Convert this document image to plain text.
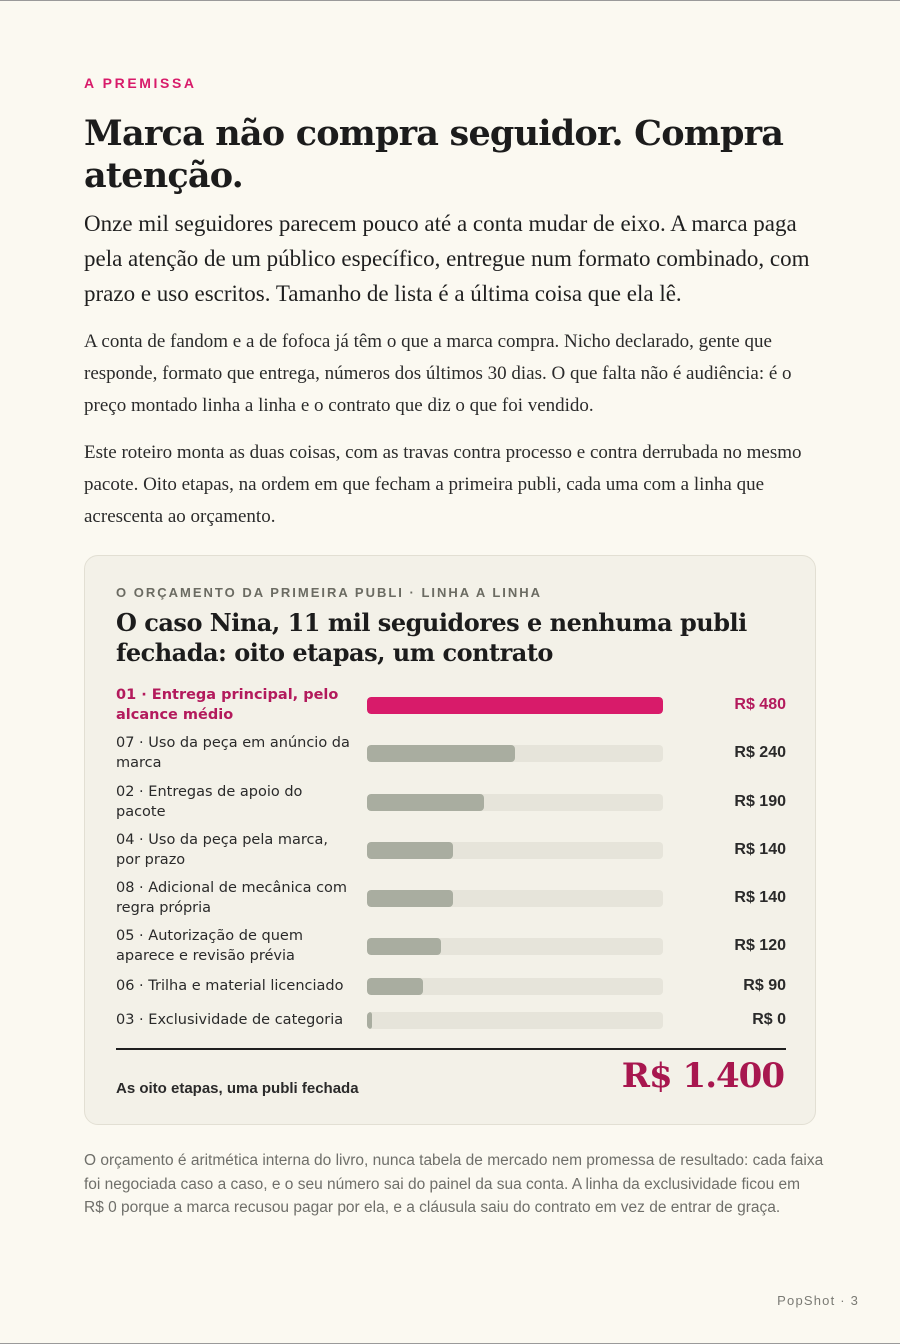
A PREMISSA
Marca não compra seguidor. Compra atenção.

Onze mil seguidores parecem pouco até a conta mudar de eixo. A marca paga pela atenção de um público específico, entregue num formato combinado, com prazo e uso escritos. Tamanho de lista é a última coisa que ela lê.

A conta de fandom e a de fofoca já têm o que a marca compra. Nicho declarado, gente que responde, formato que entrega, números dos últimos 30 dias. O que falta não é audiência: é o preço montado linha a linha e o contrato que diz o que foi vendido.

Este roteiro monta as duas coisas, com as travas contra processo e contra derrubada no mesmo pacote. Oito etapas, na ordem em que fecham a primeira publi, cada uma com a linha que acrescenta ao orçamento.

O ORÇAMENTO DA PRIMEIRA PUBLI · LINHA A LINHA
O caso Nina, 11 mil seguidores e nenhuma publi fechada: oito etapas, um contrato
01 · Entrega principal, pelo alcance médio
R$ 480
07 · Uso da peça em anúncio da marca
R$ 240
02 · Entregas de apoio do pacote
R$ 190
04 · Uso da peça pela marca, por prazo
R$ 140
08 · Adicional de mecânica com regra própria
R$ 140
05 · Autorização de quem aparece e revisão prévia
R$ 120
06 · Trilha e material licenciado	R$ 90
03 · Exclusividade de categoria	R$ 0
As oito etapas, uma publi fechada	R$ 1.400

O orçamento é aritmética interna do livro, nunca tabela de mercado nem promessa de resultado: cada faixa foi negociada caso a caso, e o seu número sai do painel da sua conta. A linha da exclusividade ficou em R$ 0 porque a marca recusou pagar por ela, e a cláusula saiu do contrato em vez de entrar de graça.

PopShot · 3
